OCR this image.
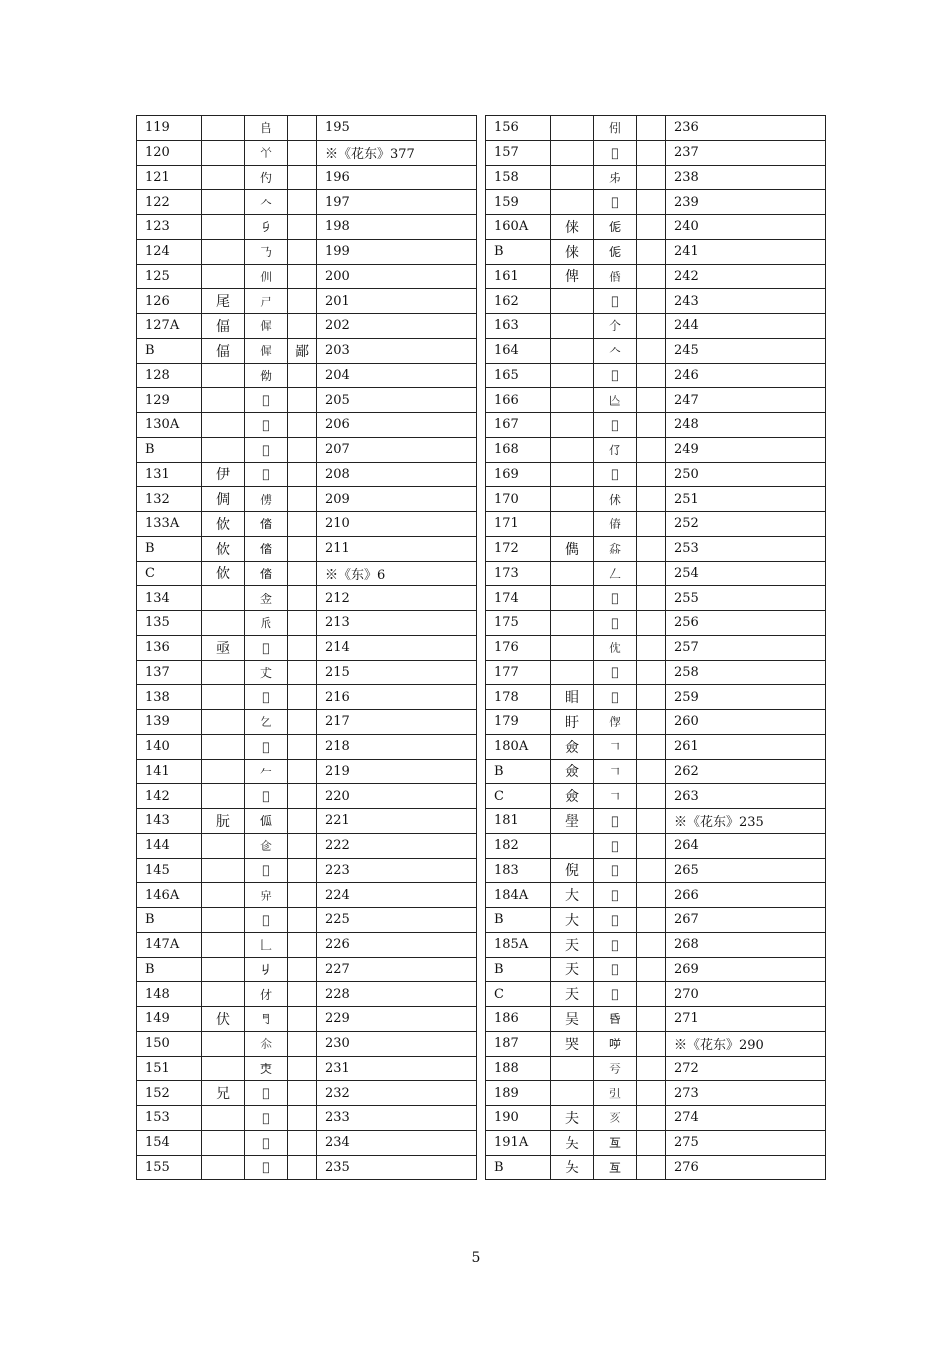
119		𠂤		195
120		𠁥		※《花东》377
121		仢		196
122		𠆢		197
123		𠂎		198
124		𠄎		199
125		𠆯		200
126	尾	𡰣		201
127A	偪	𠌬		202
B	偪	𠌬	鄙	203
128		㑃		204
129		𠂋		205
130A		𠆧		206
B		𠆧		207
131	伊	𠇣		208
132	倜	𠌽		209
133A	佽	𠉤		210
B	佽	𠉤		211
C	佽	𠉤		※《东》6
134		𠈔		212
135		𠂢		213
136	亟	𠀉		214
137		𠀋		215
138		𠀉		216
139		𠃉		217
140		𠇈		218
141		𠂉		219
142		𠆥		220
143	朊	𠇗		221
144		𠆹		222
145		𠃙		223
146A		𠂂		224
B		𠇂		225
147A		𠃊		226
B		𠂈		227
148		𠆫		228
149	伏	𠃛		229
150		𠇍		230
151		𠆴		231
152	兄	𠃘		232
153		𠂏		233
154		𠇃		234
155		𠈖		235
156		𠇁		236
157		𠇼		237
158		𠂔		238
159		𠇎		239
160A	俫	𠈁		240
B	俫	𠈁		241
161	俾	𠈲		242
162		𠇅		243
163		𠆤		244
164		𠆢		245
165		𠇤		246
166		𠆦		247
167		𠇬		248
168		𠆨		249
169		𠇺		250
170		𠇲		251
171		𠌴		252
172	儁	𠌕		253
173		𠃋		254
174		𠆰		255
175		𠂝		256
176		𠆶		257
177		𠉸		258
178	䀠	𠇊		259
179	盱	𠊫		260
180A	僉	𠃍		261
B	僉	𠃍		262
C	僉	𠃍		263
181	壆	𠋟		※《花东》235
182		𠇹		264
183	倪	𠈗		265
184A	大	𠆭		266
B	大	𠆭		267
185A	天	𠀑		268
B	天	𠀑		269
C	天	𠀑		270
186	吴	𠯑		271
187	哭	𠱘		※《花东》290
188		𠀒		272
189		𠀓		273
190	夫	𠀔		274
191A	夨	𠀕		275
B	夨	𠀕		276
5
